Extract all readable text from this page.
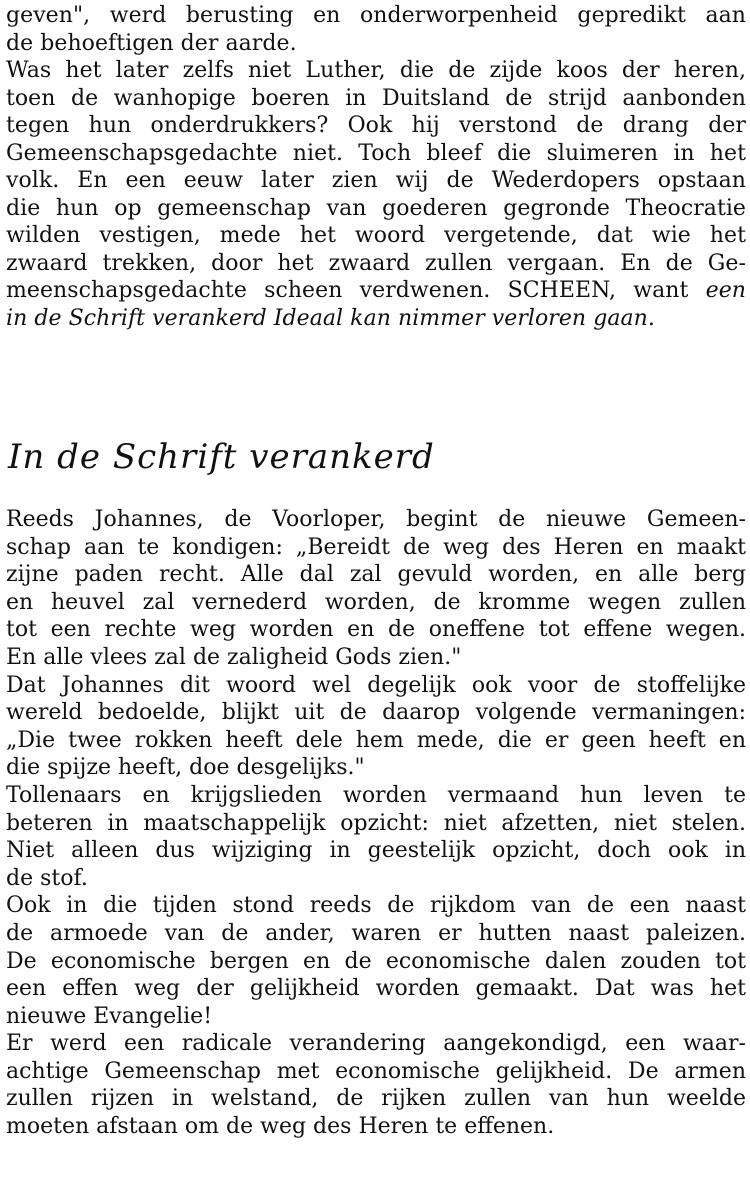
geven", werd berusting en onderworpenheid gepredikt aan
de behoeftigen der aarde.
Was het later zelfs niet Luther, die de zijde koos der heren,
toen de wanhopige boeren in Duitsland de strijd aanbonden
tegen hun onderdrukkers? Ook hij verstond de drang der
Gemeenschapsgedachte niet. Toch bleef die sluimeren in het
volk. En een eeuw later zien wij de Wederdopers opstaan
die hun op gemeenschap van goederen gegronde Theocratie
wilden vestigen, mede het woord vergetende, dat wie het
zwaard trekken, door het zwaard zullen vergaan. En de Ge-
meenschapsgedachte scheen verdwenen. SCHEEN, want een
in de Schrift verankerd Ideaal kan nimmer verloren gaan.
In de Schrift verankerd
Reeds Johannes, de Voorloper, begint de nieuwe Gemeen-
schap aan te kondigen: „Bereidt de weg des Heren en maakt
zijne paden recht. Alle dal zal gevuld worden, en alle berg
en heuvel zal vernederd worden, de kromme wegen zullen
tot een rechte weg worden en de oneffene tot effene wegen.
En alle vlees zal de zaligheid Gods zien."
Dat Johannes dit woord wel degelijk ook voor de stoffelijke
wereld bedoelde, blijkt uit de daarop volgende vermaningen:
„Die twee rokken heeft dele hem mede, die er geen heeft en
die spijze heeft, doe desgelijks."
Tollenaars en krijgslieden worden vermaand hun leven te
beteren in maatschappelijk opzicht: niet afzetten, niet stelen.
Niet alleen dus wijziging in geestelijk opzicht, doch ook in
de stof.
Ook in die tijden stond reeds de rijkdom van de een naast
de armoede van de ander, waren er hutten naast paleizen.
De economische bergen en de economische dalen zouden tot
een effen weg der gelijkheid worden gemaakt. Dat was het
nieuwe Evangelie!
Er werd een radicale verandering aangekondigd, een waar-
achtige Gemeenschap met economische gelijkheid. De armen
zullen rijzen in welstand, de rijken zullen van hun weelde
moeten afstaan om de weg des Heren te effenen.
